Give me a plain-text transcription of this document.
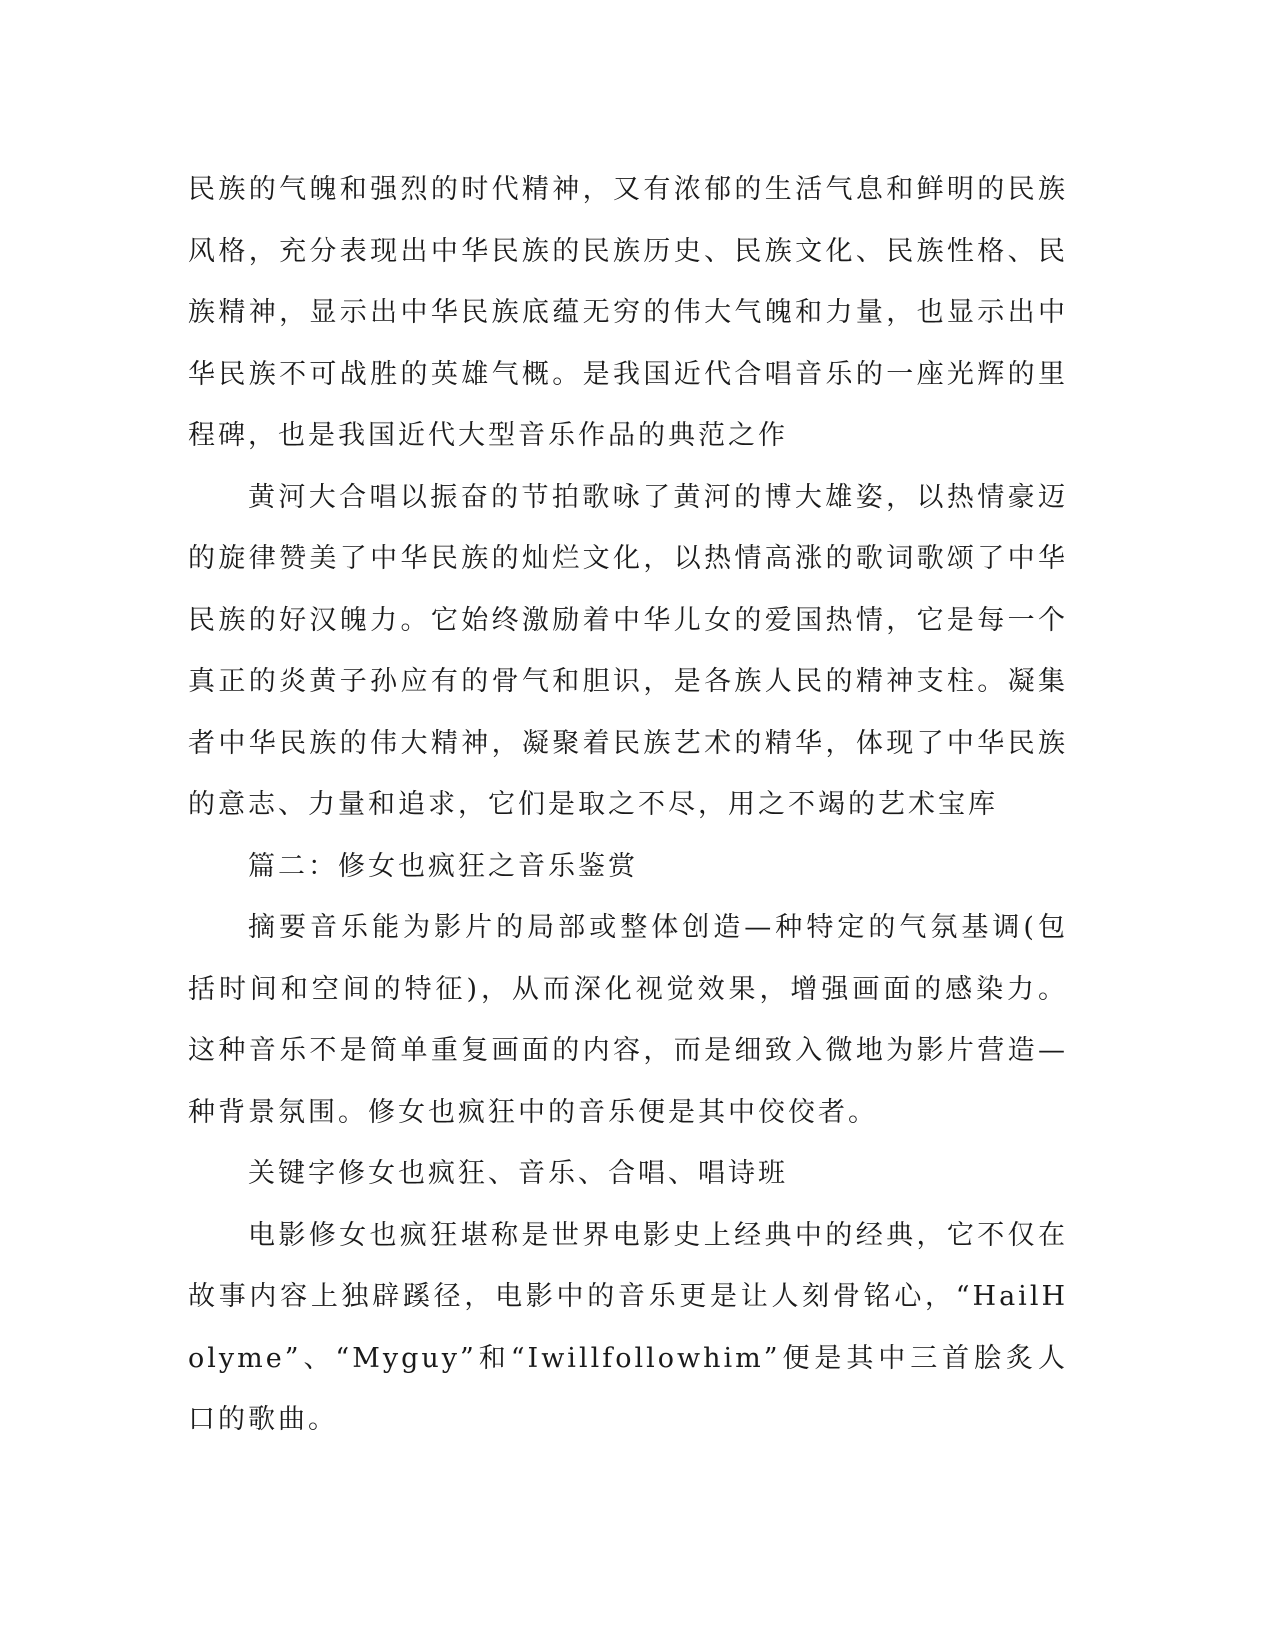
民族的气魄和强烈的时代精神，又有浓郁的生活气息和鲜明的民族风格，充分表现出中华民族的民族历史、民族文化、民族性格、民族精神，显示出中华民族底蕴无穷的伟大气魄和力量，也显示出中华民族不可战胜的英雄气概。是我国近代合唱音乐的一座光辉的里程碑，也是我国近代大型音乐作品的典范之作

黄河大合唱以振奋的节拍歌咏了黄河的博大雄姿，以热情豪迈的旋律赞美了中华民族的灿烂文化，以热情高涨的歌词歌颂了中华民族的好汉魄力。它始终激励着中华儿女的爱国热情，它是每一个真正的炎黄子孙应有的骨气和胆识，是各族人民的精神支柱。凝集者中华民族的伟大精神，凝聚着民族艺术的精华，体现了中华民族的意志、力量和追求，它们是取之不尽，用之不竭的艺术宝库

篇二：修女也疯狂之音乐鉴赏

摘要音乐能为影片的局部或整体创造—种特定的气氛基调(包括时间和空间的特征)，从而深化视觉效果，增强画面的感染力。这种音乐不是简单重复画面的内容，而是细致入微地为影片营造—种背景氛围。修女也疯狂中的音乐便是其中佼佼者。

关键字修女也疯狂、音乐、合唱、唱诗班

电影修女也疯狂堪称是世界电影史上经典中的经典，它不仅在故事内容上独辟蹊径，电影中的音乐更是让人刻骨铭心，“HailHolyme”、“Myguy”和“Iwillfollowhim”便是其中三首脍炙人口的歌曲。
